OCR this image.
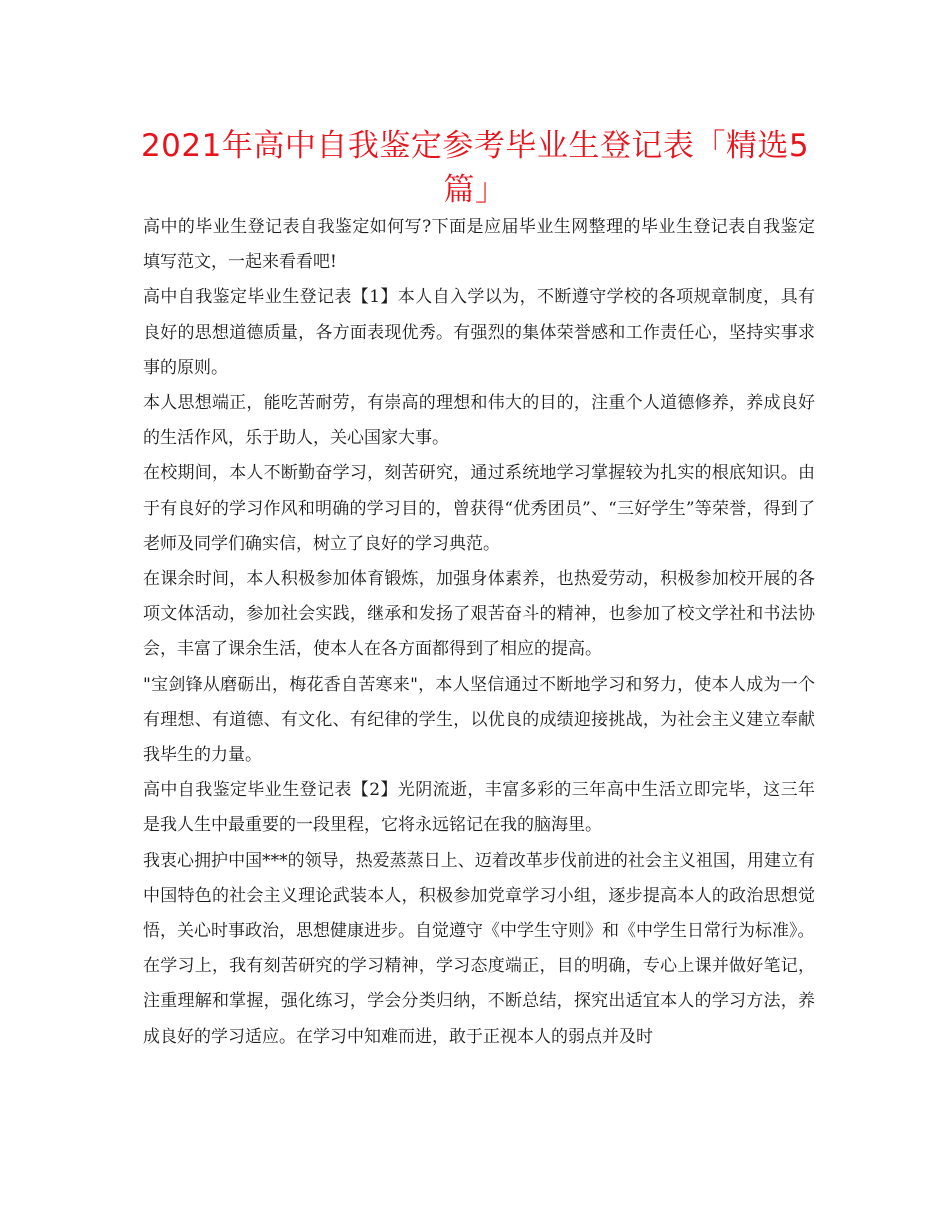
2021年高中自我鉴定参考毕业生登记表「精选5篇」

高中的毕业生登记表自我鉴定如何写?下面是应届毕业生网整理的毕业生登记表自我鉴定填写范文，一起来看看吧!

高中自我鉴定毕业生登记表【1】本人自入学以为，不断遵守学校的各项规章制度，具有良好的思想道德质量，各方面表现优秀。有强烈的集体荣誉感和工作责任心，坚持实事求事的原则。

本人思想端正，能吃苦耐劳，有崇高的理想和伟大的目的，注重个人道德修养，养成良好的生活作风，乐于助人，关心国家大事。

在校期间，本人不断勤奋学习，刻苦研究，通过系统地学习掌握较为扎实的根底知识。由于有良好的学习作风和明确的学习目的，曾获得“优秀团员”、“三好学生”等荣誉，得到了老师及同学们确实信，树立了良好的学习典范。

在课余时间，本人积极参加体育锻炼，加强身体素养，也热爱劳动，积极参加校开展的各项文体活动，参加社会实践，继承和发扬了艰苦奋斗的精神，也参加了校文学社和书法协会，丰富了课余生活，使本人在各方面都得到了相应的提高。

"宝剑锋从磨砺出，梅花香自苦寒来"，本人坚信通过不断地学习和努力，使本人成为一个有理想、有道德、有文化、有纪律的学生，以优良的成绩迎接挑战，为社会主义建立奉献我毕生的力量。

高中自我鉴定毕业生登记表【2】光阴流逝，丰富多彩的三年高中生活立即完毕，这三年是我人生中最重要的一段里程，它将永远铭记在我的脑海里。

我衷心拥护中国***的领导，热爱蒸蒸日上、迈着改革步伐前进的社会主义祖国，用建立有中国特色的社会主义理论武装本人，积极参加党章学习小组，逐步提高本人的政治思想觉悟，关心时事政治，思想健康进步。自觉遵守《中学生守则》和《中学生日常行为标准》。

在学习上，我有刻苦研究的学习精神，学习态度端正，目的明确，专心上课并做好笔记，注重理解和掌握，强化练习，学会分类归纳，不断总结，探究出适宜本人的学习方法，养成良好的学习适应。在学习中知难而进，敢于正视本人的弱点并及时
